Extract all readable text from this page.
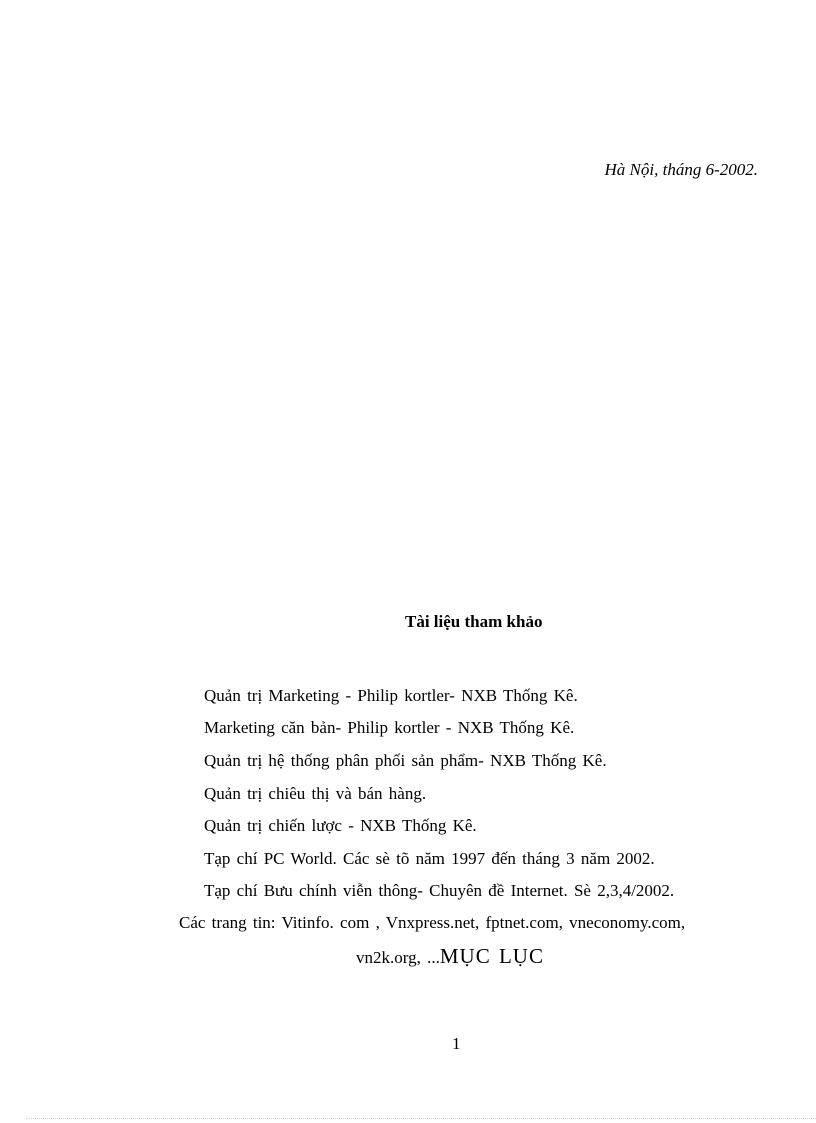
Hà Nội, tháng 6-2002.
Tài liệu tham khảo
Quản trị Marketing - Philip kortler- NXB Thống Kê.
Marketing căn bản- Philip kortler - NXB Thống Kê.
Quản trị hệ thống phân phối sản phẩm- NXB Thống Kê.
Quản trị chiêu thị và bán hàng.
Quản trị chiến lược - NXB Thống Kê.
Tạp chí PC World. Các sè tõ năm 1997 đến tháng 3 năm 2002.
Tạp chí Bưu chính viễn thông- Chuyên đề Internet. Sè 2,3,4/2002.
Các trang tin: Vitinfo. com , Vnxpress.net, fptnet.com, vneconomy.com,
vn2k.org, ...MỤC LỤC
1
